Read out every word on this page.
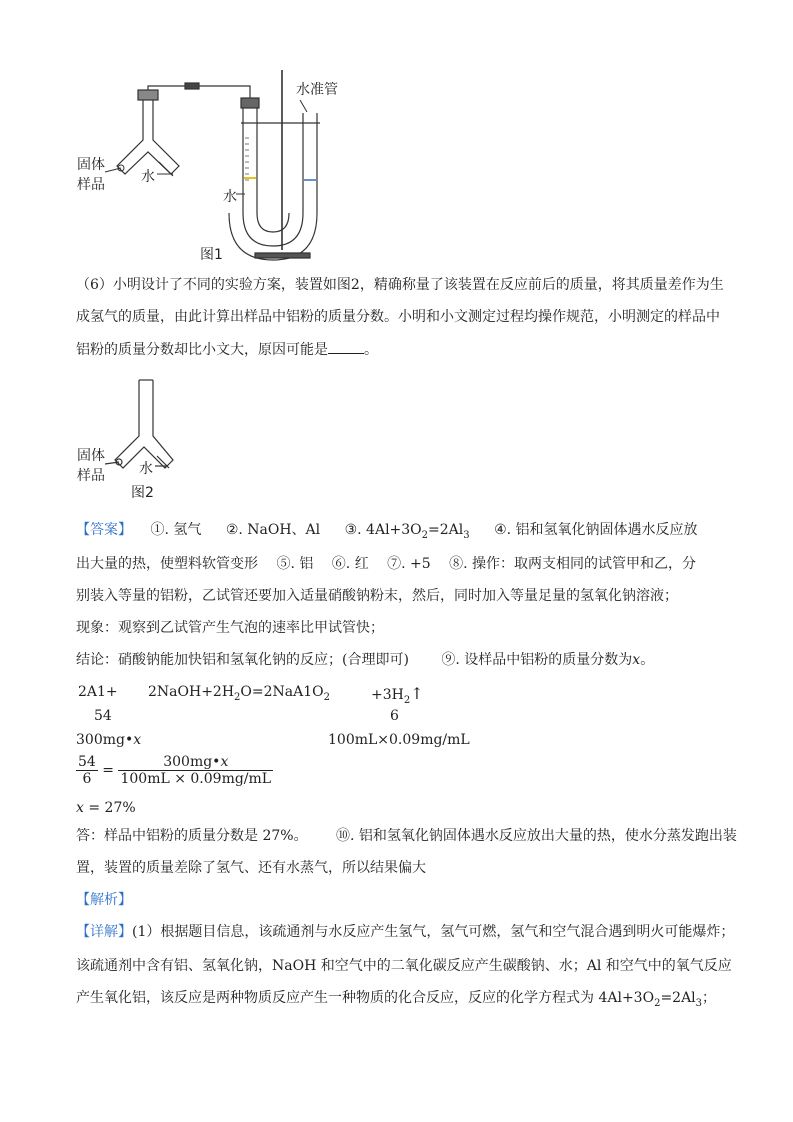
固体
样品	水
水
水准管
图1
（6）小明设计了不同的实验方案，装置如图2，精确称量了该装置在反应前后的质量，将其质量差作为生
成氢气的质量，由此计算出样品中铝粉的质量分数。小明和小文测定过程均操作规范，小明测定的样品中
铝粉的质量分数却比小文大，原因可能是	。
固体
样品 水
图2
【答案】 ①. 氢气 ②. NaOH、Al ③. $4Al+3O_2=2Al_3$ ④. 铝和氢氧化钠固体遇水反应放
出大量的热，使塑料软管变形　 ⑤. 铝　 ⑥. 红　 ⑦. +5　 ⑧. 操作：取两支相同的试管甲和乙，分
别装入等量的铝粉，乙试管还要加入适量硝酸钠粉末，然后，同时加入等量足量的氢氧化钠溶液；
现象：观察到乙试管产生气泡的速率比甲试管快；
结论：硝酸钠能加快铝和氢氧化钠的反应；(合理即可) ⑨. 设样品中铝粉的质量分数为x。
$2A1+ 2NaOH+2H_2O=2NaA1O_2$	$+3H_2↑$
54	6
300mg•x	100mL×0.09mg/mL
$\frac{54}{6} = \frac{300mg•x}{100mL \times 0.09mg/mL}$
x = 27%
答：样品中铝粉的质量分数是 27%。 ⑩. 铝和氢氧化钠固体遇水反应放出大量的热，使水分蒸发跑出装
置，装置的质量差除了氢气、还有水蒸气，所以结果偏大
【解析】
【详解】(1）根据题目信息，该疏通剂与水反应产生氢气，氢气可燃，氢气和空气混合遇到明火可能爆炸；
该疏通剂中含有铝、氢氧化钠，NaOH 和空气中的二氧化碳反应产生碳酸钠、水；Al 和空气中的氧气反应
产生氧化铝，该反应是两种物质反应产生一种物质的化合反应，反应的化学方程式为 $4Al+3O_2=2Al_3$；
